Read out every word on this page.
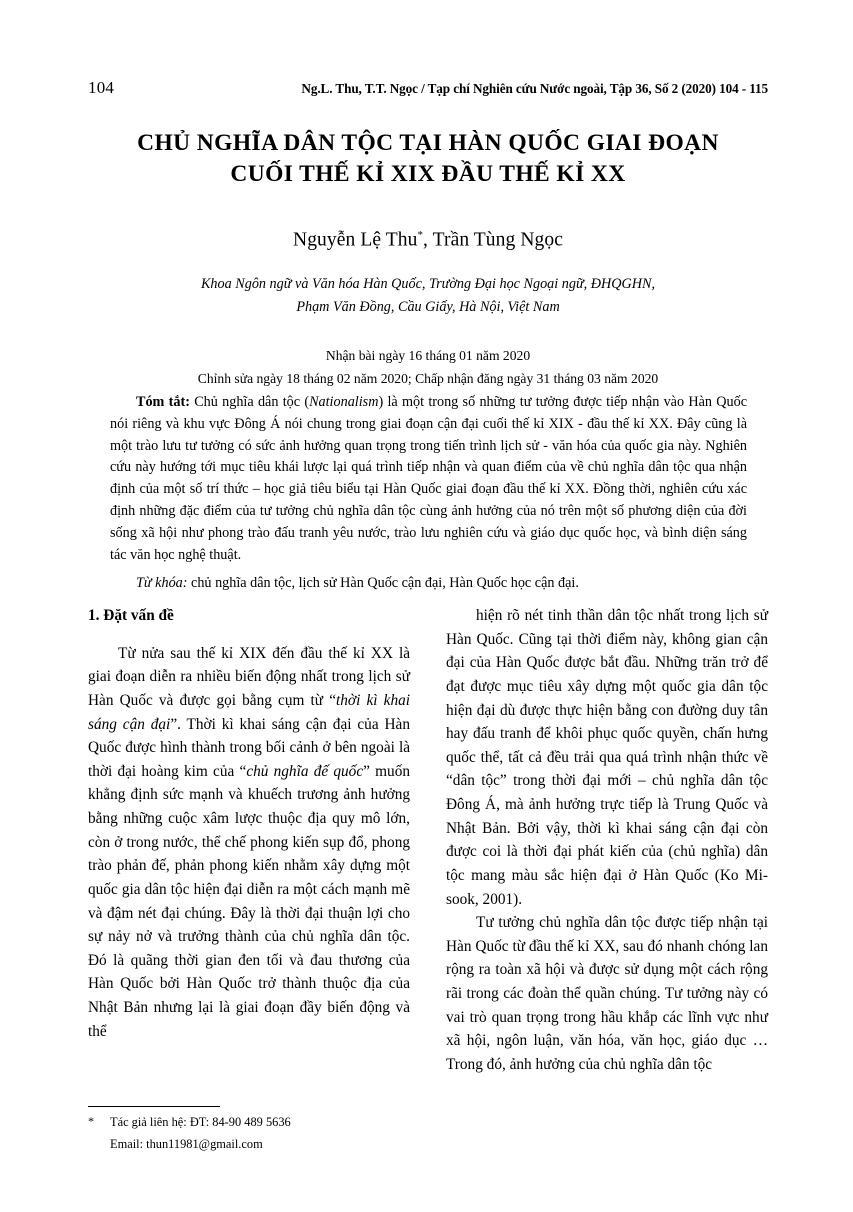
104	Ng.L. Thu, T.T. Ngọc / Tạp chí Nghiên cứu Nước ngoài, Tập 36, Số 2 (2020) 104 - 115
CHỦ NGHĨA DÂN TỘC TẠI HÀN QUỐC GIAI ĐOẠN
CUỐI THẾ KỈ XIX ĐẦU THẾ KỈ XX
Nguyễn Lệ Thu*, Trần Tùng Ngọc
Khoa Ngôn ngữ và Văn hóa Hàn Quốc, Trường Đại học Ngoại ngữ, ĐHQGHN,
Phạm Văn Đồng, Cầu Giấy, Hà Nội, Việt Nam
Nhận bài ngày 16 tháng 01 năm 2020
Chỉnh sửa ngày 18 tháng 02 năm 2020; Chấp nhận đăng ngày 31 tháng 03 năm 2020

Tóm tắt: Chủ nghĩa dân tộc (Nationalism) là một trong số những tư tưởng được tiếp nhận vào Hàn Quốc nói riêng và khu vực Đông Á nói chung trong giai đoạn cận đại cuối thế kỉ XIX - đầu thế kỉ XX. Đây cũng là một trào lưu tư tưởng có sức ảnh hưởng quan trọng trong tiến trình lịch sử - văn hóa của quốc gia này. Nghiên cứu này hướng tới mục tiêu khái lược lại quá trình tiếp nhận và quan điểm của về chủ nghĩa dân tộc qua nhận định của một số trí thức – học giả tiêu biểu tại Hàn Quốc giai đoạn đầu thế kỉ XX. Đồng thời, nghiên cứu xác định những đặc điểm của tư tưởng chủ nghĩa dân tộc cùng ảnh hưởng của nó trên một số phương diện của đời sống xã hội như phong trào đấu tranh yêu nước, trào lưu nghiên cứu và giáo dục quốc học, và bình diện sáng tác văn học nghệ thuật.

Từ khóa: chủ nghĩa dân tộc, lịch sử Hàn Quốc cận đại, Hàn Quốc học cận đại.
1. Đặt vấn đề

Từ nửa sau thế kỉ XIX đến đầu thế kỉ XX là giai đoạn diễn ra nhiều biến động nhất trong lịch sử Hàn Quốc và được gọi bằng cụm từ “thời kì khai sáng cận đại”. Thời kì khai sáng cận đại của Hàn Quốc được hình thành trong bối cảnh ở bên ngoài là thời đại hoàng kim của “chủ nghĩa đế quốc” muốn khẳng định sức mạnh và khuếch trương ảnh hưởng bằng những cuộc xâm lược thuộc địa quy mô lớn, còn ở trong nước, thể chế phong kiến sụp đổ, phong trào phản đế, phản phong kiến nhằm xây dựng một quốc gia dân tộc hiện đại diễn ra một cách mạnh mẽ và đậm nét đại chúng. Đây là thời đại thuận lợi cho sự nảy nở và trưởng thành của chủ nghĩa dân tộc. Đó là quãng thời gian đen tối và đau thương của Hàn Quốc bởi Hàn Quốc trở thành thuộc địa của Nhật Bản nhưng lại là giai đoạn đầy biến động và thể

hiện rõ nét tinh thần dân tộc nhất trong lịch sử Hàn Quốc. Cũng tại thời điểm này, không gian cận đại của Hàn Quốc được bắt đầu. Những trăn trở để đạt được mục tiêu xây dựng một quốc gia dân tộc hiện đại dù được thực hiện bằng con đường duy tân hay đấu tranh để khôi phục quốc quyền, chấn hưng quốc thể, tất cả đều trải qua quá trình nhận thức về “dân tộc” trong thời đại mới – chủ nghĩa dân tộc Đông Á, mà ảnh hưởng trực tiếp là Trung Quốc và Nhật Bản. Bởi vậy, thời kì khai sáng cận đại còn được coi là thời đại phát kiến của (chủ nghĩa) dân tộc mang màu sắc hiện đại ở Hàn Quốc (Ko Mi-sook, 2001).

Tư tưởng chủ nghĩa dân tộc được tiếp nhận tại Hàn Quốc từ đầu thế kỉ XX, sau đó nhanh chóng lan rộng ra toàn xã hội và được sử dụng một cách rộng rãi trong các đoàn thể quần chúng. Tư tưởng này có vai trò quan trọng trong hầu khắp các lĩnh vực như xã hội, ngôn luận, văn hóa, văn học, giáo dục … Trong đó, ảnh hưởng của chủ nghĩa dân tộc

*	Tác giả liên hệ: ĐT: 84-90 489 5636
Email: thun11981@gmail.com
